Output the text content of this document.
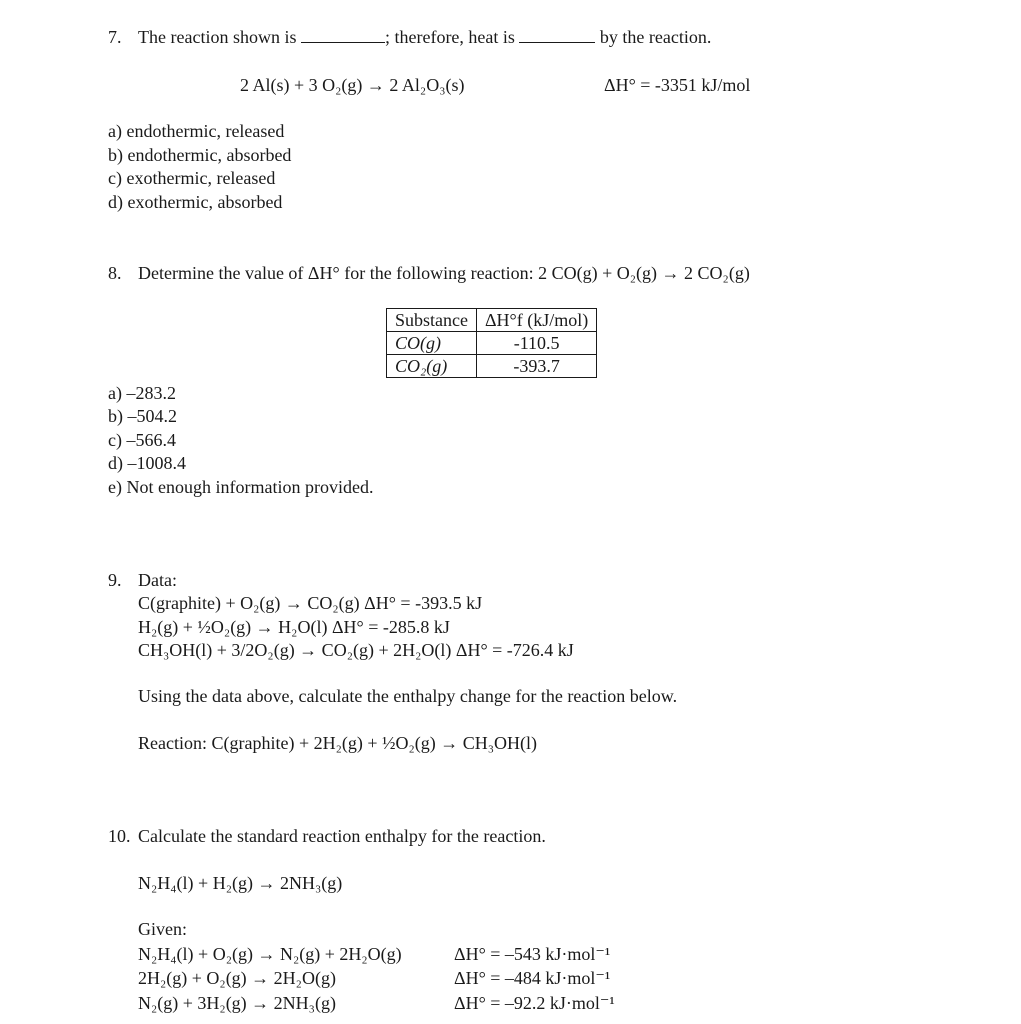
7. The reaction shown is	; therefore, heat is	by the reaction.
2 Al(s) + 3 O₂(g) → 2 Al₂O₃(s)	ΔH° = -3351 kJ/mol
a) endothermic, released
b) endothermic, absorbed
c) exothermic, released
d) exothermic, absorbed
8. Determine the value of ΔH° for the following reaction: 2 CO(g) + O₂(g) → 2 CO₂(g)
Substance	ΔH°f (kJ/mol)
CO(g)	-110.5
CO₂(g)	-393.7
a) –283.2
b) –504.2
c) –566.4
d) –1008.4
e) Not enough information provided.
9. Data:
C(graphite) + O₂(g) → CO₂(g) ΔH° = -393.5 kJ
H₂(g) + ½O₂(g) → H₂O(l) ΔH° = -285.8 kJ
CH₃OH(l) + 3/2O₂(g) → CO₂(g) + 2H₂O(l) ΔH° = -726.4 kJ
Using the data above, calculate the enthalpy change for the reaction below.
Reaction: C(graphite) + 2H₂(g) + ½O₂(g) → CH₃OH(l)
10. Calculate the standard reaction enthalpy for the reaction.
N₂H₄(l) + H₂(g) → 2NH₃(g)
Given:
N₂H₄(l) + O₂(g) → N₂(g) + 2H₂O(g)	ΔH° = –543 kJ·mol⁻¹
2H₂(g) + O₂(g) → 2H₂O(g)	ΔH° = –484 kJ·mol⁻¹
N₂(g) + 3H₂(g) → 2NH₃(g)	ΔH° = –92.2 kJ·mol⁻¹
